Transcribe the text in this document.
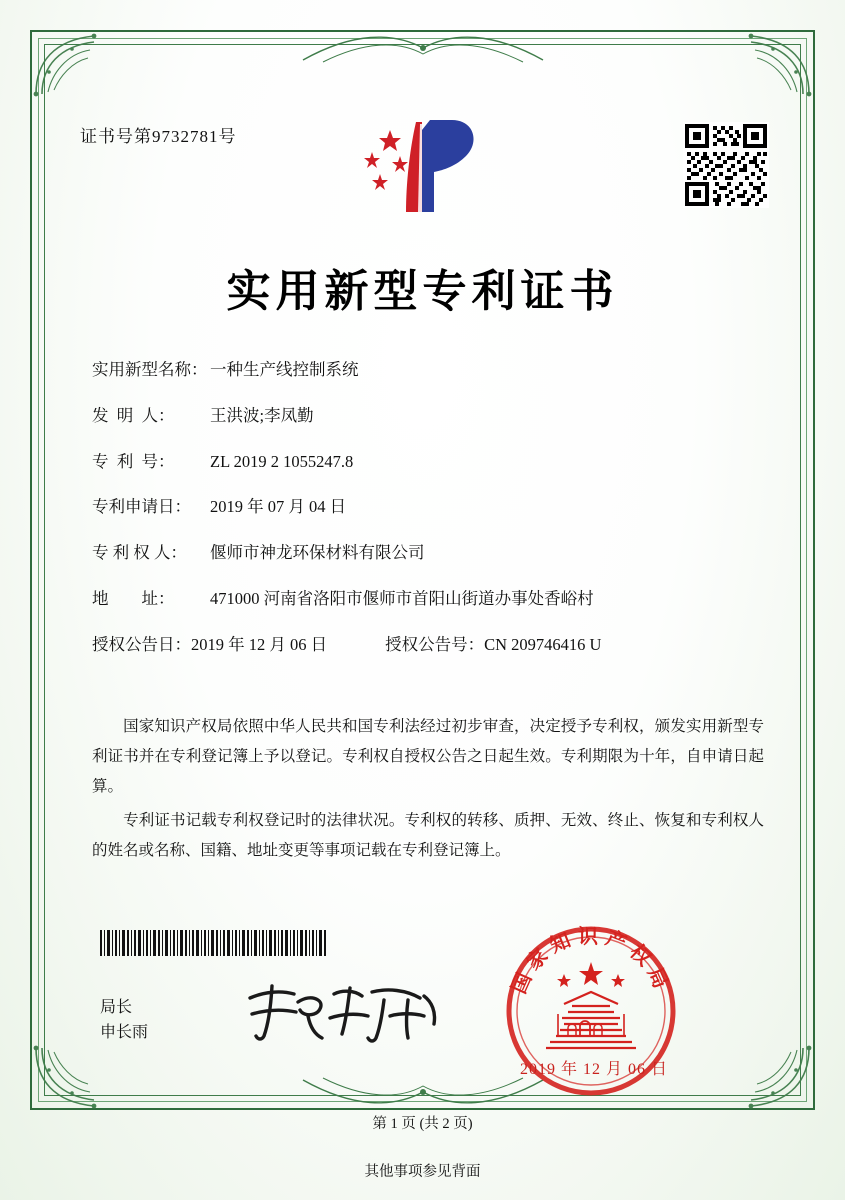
证书号第9732781号
实用新型专利证书
实用新型名称： 一种生产线控制系统
发  明  人：	王洪波;李凤勤
专  利  号：	ZL 2019 2 1055247.8
专利申请日：	2019 年 07 月 04 日
专 利 权 人：	偃师市神龙环保材料有限公司
地        址：	471000 河南省洛阳市偃师市首阳山街道办事处香峪村
授权公告日： 2019 年 12 月 06 日	授权公告号： CN 209746416 U
国家知识产权局依照中华人民共和国专利法经过初步审查，决定授予专利权，颁发实用新型专利证书并在专利登记簿上予以登记。专利权自授权公告之日起生效。专利期限为十年，自申请日起算。
专利证书记载专利权登记时的法律状况。专利权的转移、质押、无效、终止、恢复和专利权人的姓名或名称、国籍、地址变更等事项记载在专利登记簿上。
局长
申长雨
国家知识产权局
2019 年 12 月 06 日
第 1 页 (共 2 页)
其他事项参见背面
